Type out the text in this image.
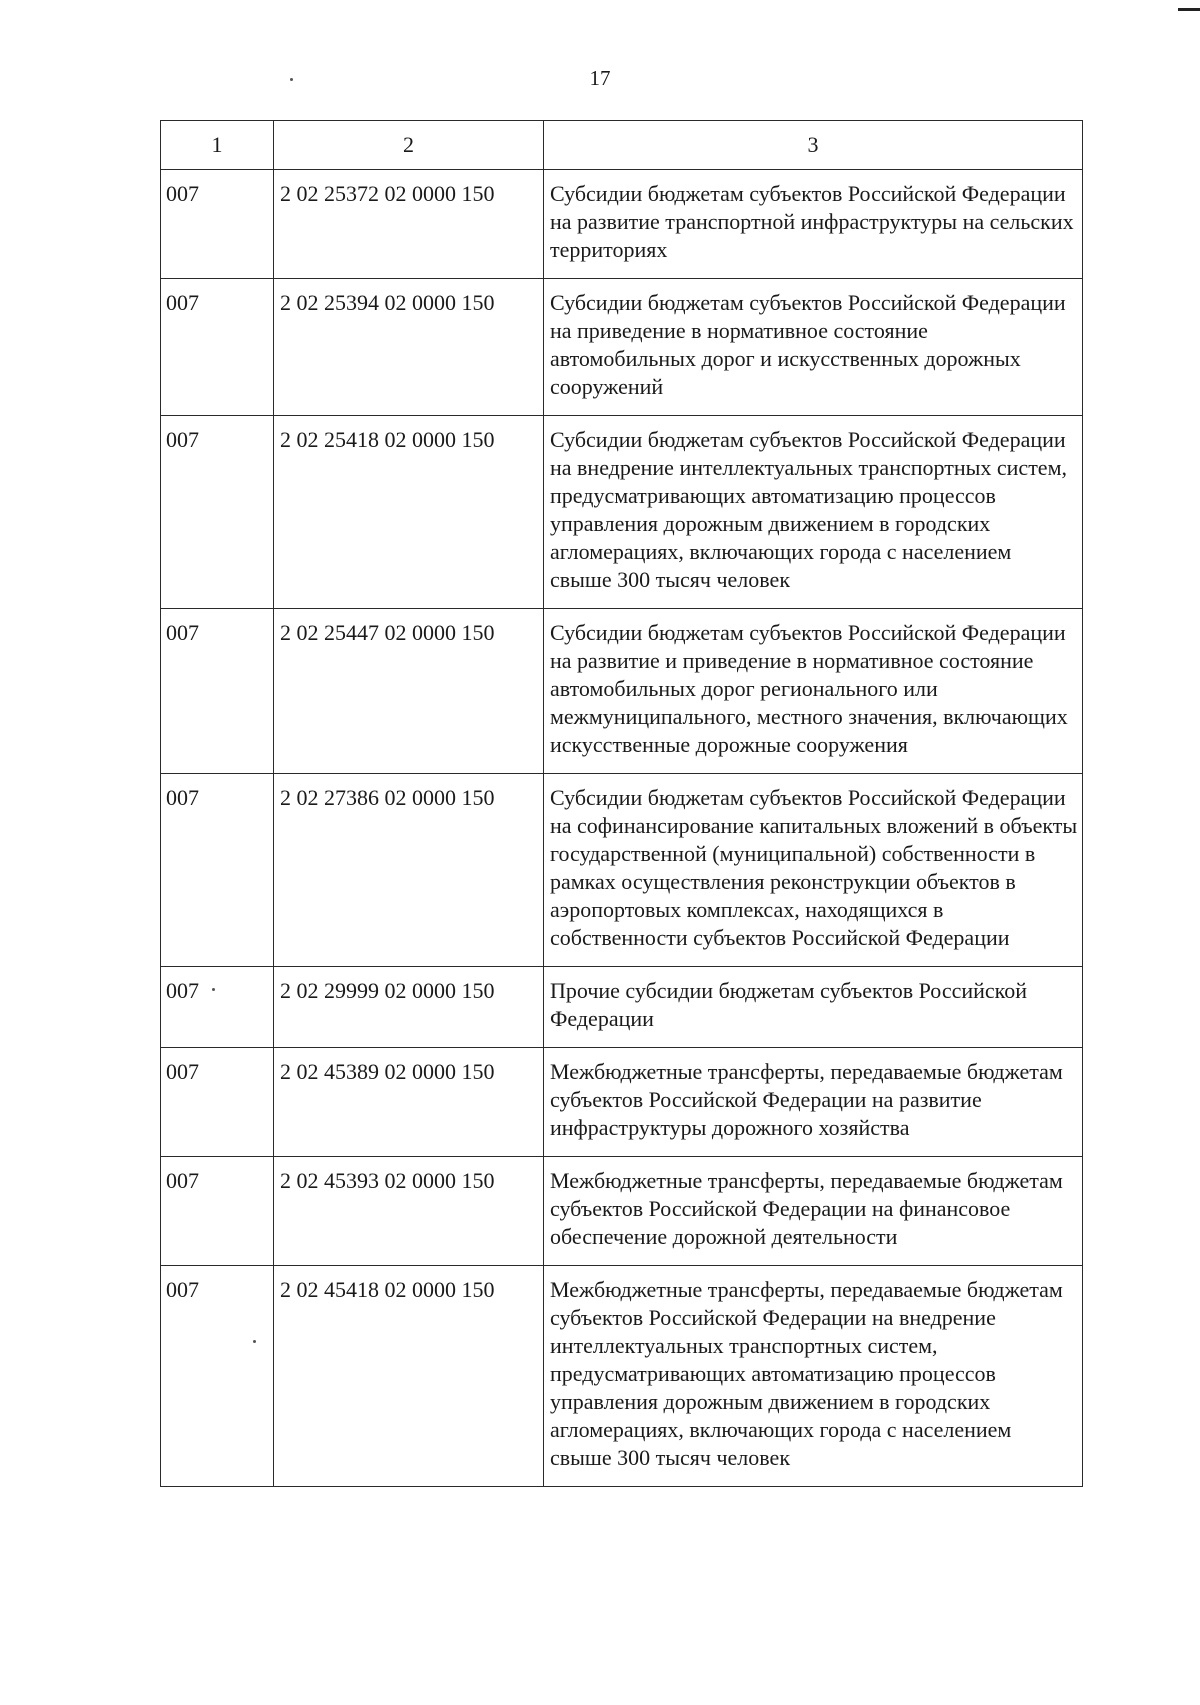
17
1	2	3
007	2 02 25372 02 0000 150	Субсидии бюджетам субъектов Российской Федерации на развитие транспортной инфраструктуры на сельских территориях
007	2 02 25394 02 0000 150	Субсидии бюджетам субъектов Российской Федерации на приведение в нормативное состояние автомобильных дорог и искусственных дорожных сооружений
007	2 02 25418 02 0000 150	Субсидии бюджетам субъектов Российской Федерации на внедрение интеллектуальных транспортных систем, предусматривающих автоматизацию процессов управления дорожным движением в городских агломерациях, включающих города с населением свыше 300 тысяч человек
007	2 02 25447 02 0000 150	Субсидии бюджетам субъектов Российской Федерации на развитие и приведение в нормативное состояние автомобильных дорог регионального или межмуниципального, местного значения, включающих искусственные дорожные сооружения
007	2 02 27386 02 0000 150	Субсидии бюджетам субъектов Российской Федерации на софинансирование капитальных вложений в объекты государственной (муниципальной) собственности в рамках осуществления реконструкции объектов в аэропортовых комплексах, находящихся в собственности субъектов Российской Федерации
007	2 02 29999 02 0000 150	Прочие субсидии бюджетам субъектов Российской Федерации
007	2 02 45389 02 0000 150	Межбюджетные трансферты, передаваемые бюджетам субъектов Российской Федерации на развитие инфраструктуры дорожного хозяйства
007	2 02 45393 02 0000 150	Межбюджетные трансферты, передаваемые бюджетам субъектов Российской Федерации на финансовое обеспечение дорожной деятельности
007	2 02 45418 02 0000 150	Межбюджетные трансферты, передаваемые бюджетам субъектов Российской Федерации на внедрение интеллектуальных транспортных систем, предусматривающих автоматизацию процессов управления дорожным движением в городских агломерациях, включающих города с населением свыше 300 тысяч человек
